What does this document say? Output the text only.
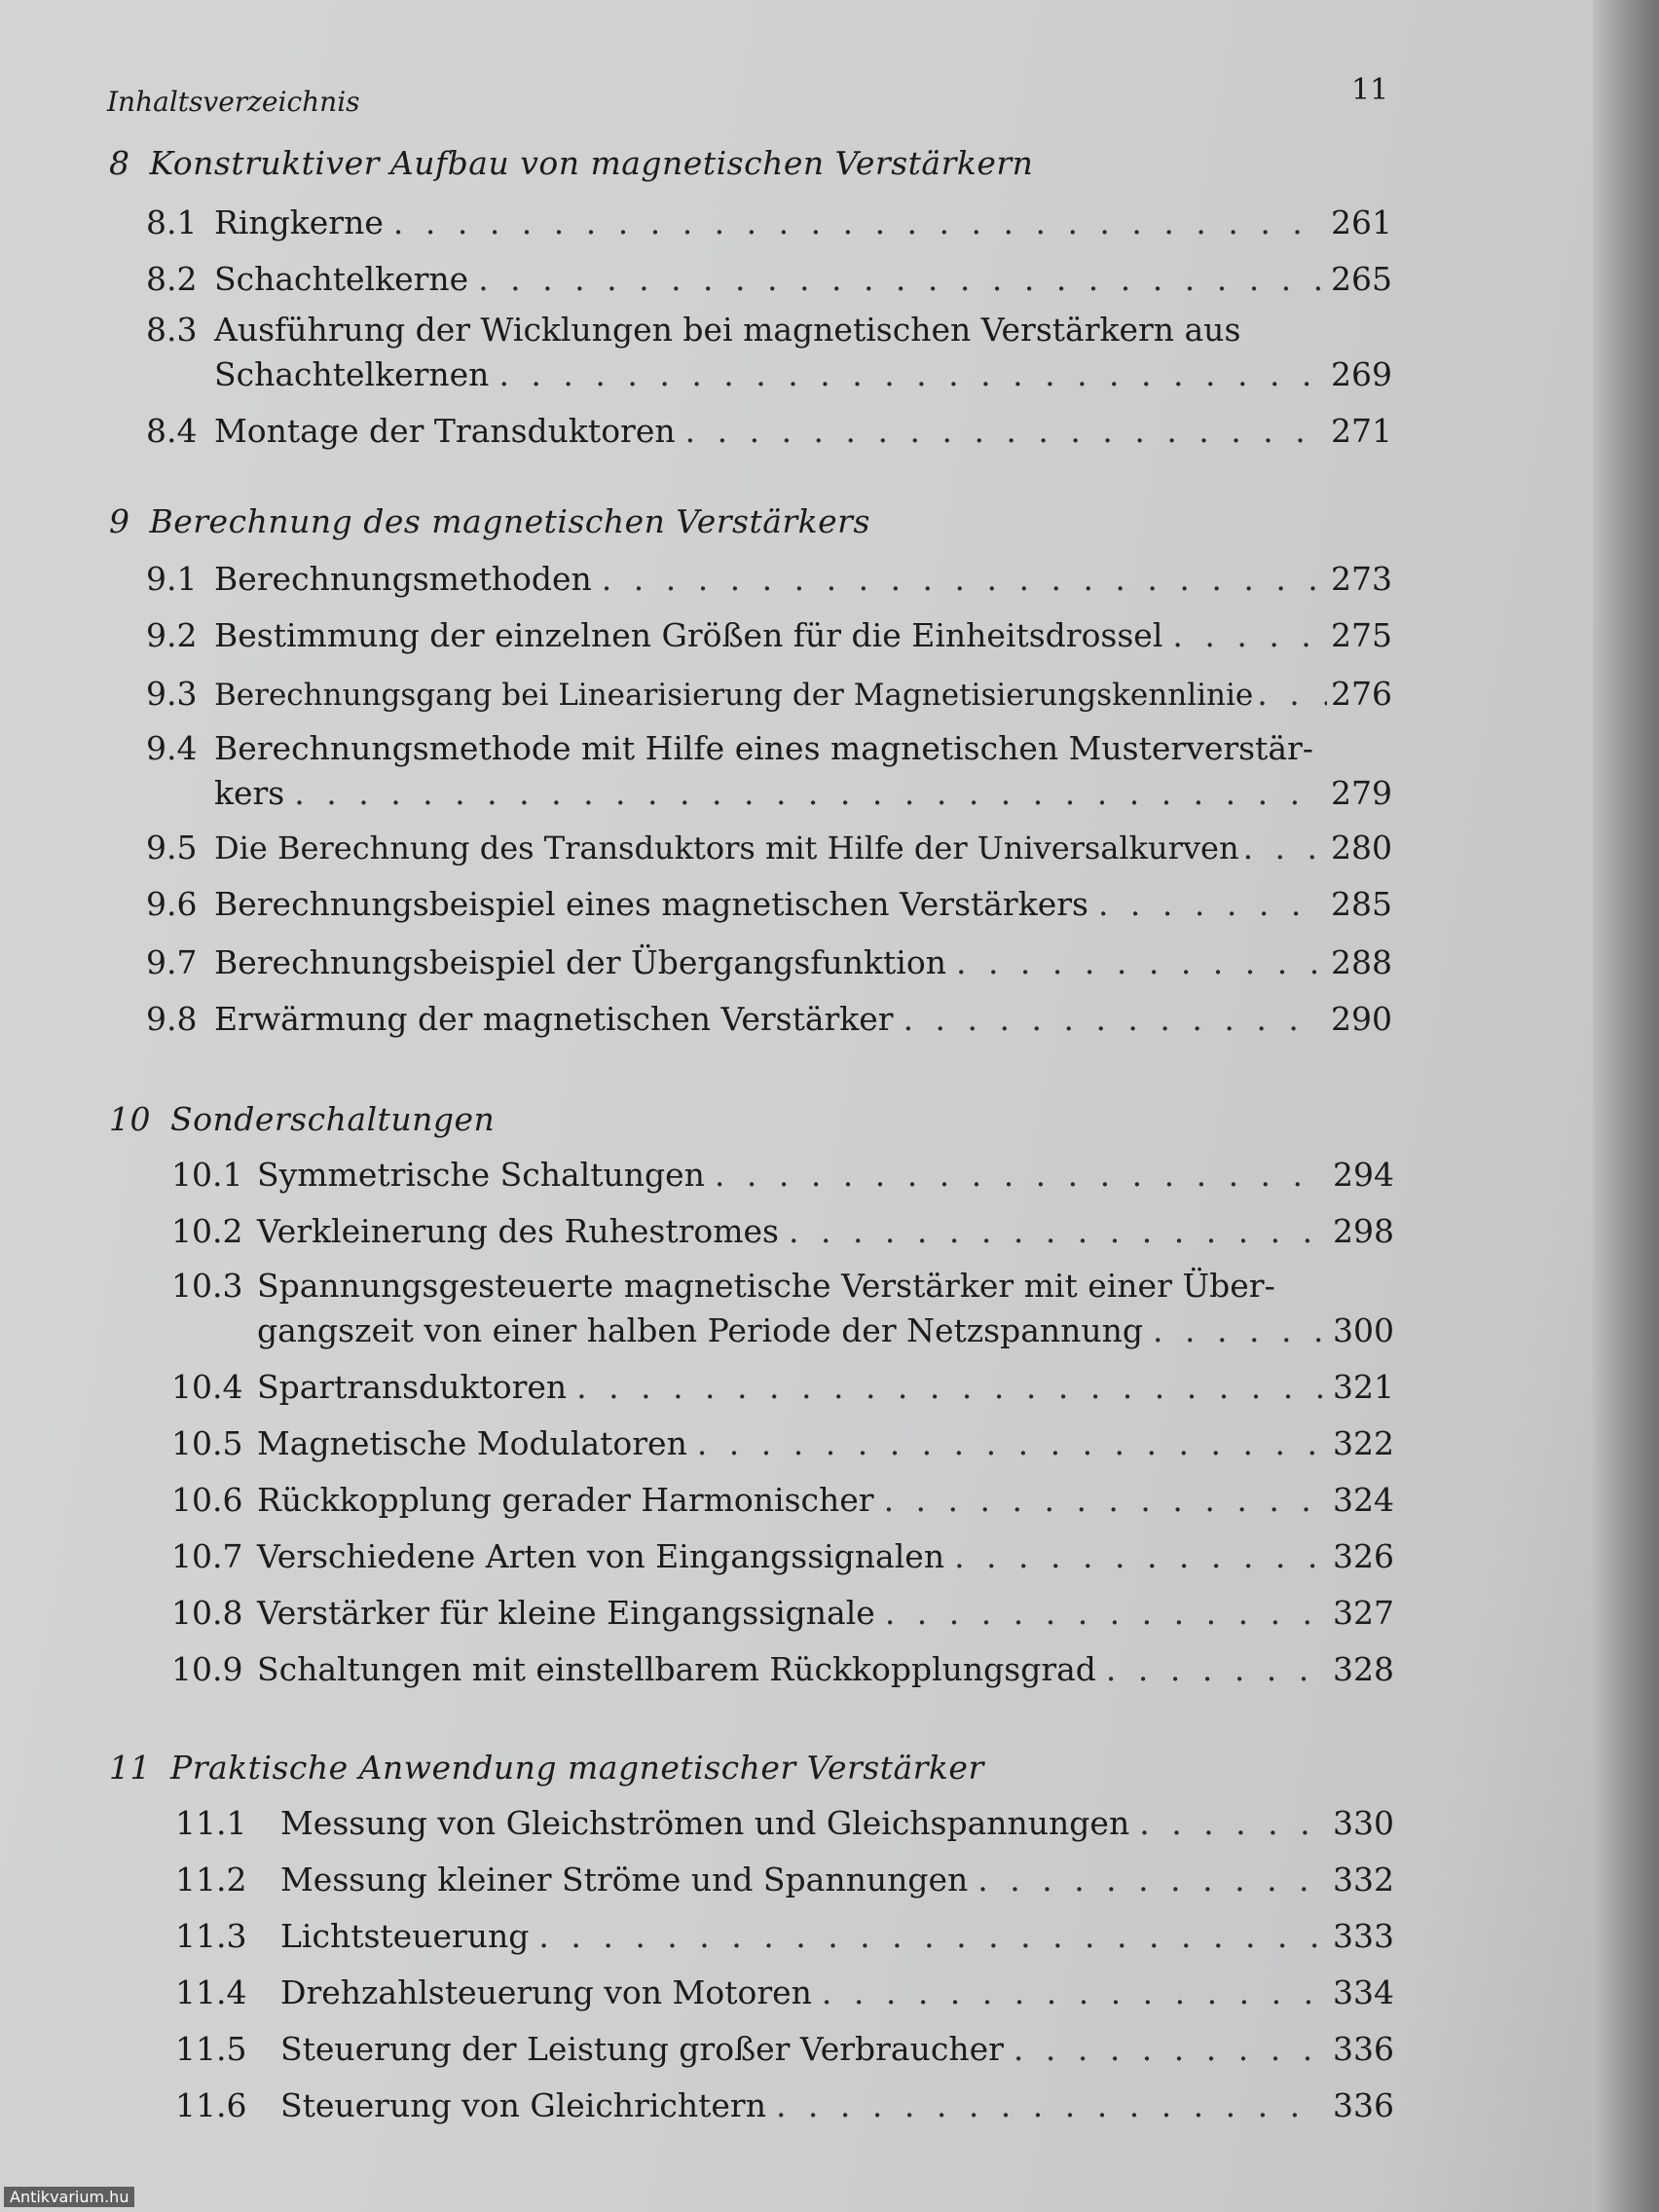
Inhaltsverzeichnis	11
8 Konstruktiver Aufbau von magnetischen Verstärkern
8.1 Ringkerne . . .	261
8.2 Schachtelkerne . . .	265
8.3 Ausführung der Wicklungen bei magnetischen Verstärkern aus
Schachtelkernen . . .	269
8.4 Montage der Transduktoren . . .	271
9 Berechnung des magnetischen Verstärkers
9.1 Berechnungsmethoden . . .	273
9.2 Bestimmung der einzelnen Größen für die Einheitsdrossel . . .	275
9.3 Berechnungsgang bei Linearisierung der Magnetisierungskennlinie . . . 276
9.4 Berechnungsmethode mit Hilfe eines magnetischen Musterverstär-
kers . . .	279
9.5 Die Berechnung des Transduktors mit Hilfe der Universalkurven . . .	280
9.6 Berechnungsbeispiel eines magnetischen Verstärkers . . .	285
9.7 Berechnungsbeispiel der Übergangsfunktion . . .	288
9.8 Erwärmung der magnetischen Verstärker . . .	290
10 Sonderschaltungen
10.1 Symmetrische Schaltungen . . .	294
10.2 Verkleinerung des Ruhestromes . . .	298
10.3 Spannungsgesteuerte magnetische Verstärker mit einer Über-
gangszeit von einer halben Periode der Netzspannung . . .	300
10.4 Spartransduktoren . . .	321
10.5 Magnetische Modulatoren . . .	322
10.6 Rückkopplung gerader Harmonischer . . .	324
10.7 Verschiedene Arten von Eingangssignalen . . .	326
10.8 Verstärker für kleine Eingangssignale . . .	327
10.9 Schaltungen mit einstellbarem Rückkopplungsgrad . . .	328
11 Praktische Anwendung magnetischer Verstärker
11.1	Messung von Gleichströmen und Gleichspannungen . . .	330
11.2	Messung kleiner Ströme und Spannungen . . .	332
11.3	Lichtsteuerung . . .	333
11.4	Drehzahlsteuerung von Motoren . . .	334
11.5	Steuerung der Leistung großer Verbraucher . . .	336
11.6	Steuerung von Gleichrichtern . . .	336
Antikvarium.hu
